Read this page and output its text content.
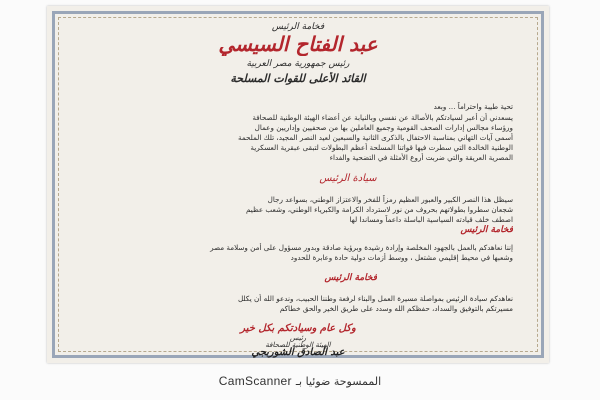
فخامة الرئيس
عبد الفتاح السيسي
رئيس جمهورية مصر العربية
القائد الأعلى للقوات المسلحة
تحية طيبة واحتراماً ... وبعد
يسعدني أن أعبر لسيادتكم بالأصالة عن نفسي وبالنيابة عن أعضاء الهيئة الوطنية للصحافة
ورؤساء مجالس إدارات الصحف القومية وجميع العاملين بها من صحفيين وإداريين وعمال
أسمى آيات التهاني بمناسبة الاحتفال بالذكرى الثانية والسبعين لعيد النصر المجيد، تلك الملحمة
الوطنية الخالدة التي سطرت فيها قواتنا المسلحة أعظم البطولات لتبقى عبقرية العسكرية
المصرية العريقة والتي ضربت أروع الأمثلة في التضحية والفداء
سيادة الرئيس
سيظل هذا النصر الكبير والعبور العظيم رمزاً للفخر والاعتزاز الوطني، بسواعد رجال
شجعان سطروا بطولاتهم بحروف من نور لاسترداد الكرامة والكبرياء الوطني، وشعب عظيم
اصطف خلف قيادته السياسية الباسلة داعماً ومساندا لها
فخامة الرئيس
إننا نعاهدكم بالعمل بالجهود المخلصة وإرادة رشيدة وبرؤية صادقة وبدور مسؤول على أمن وسلامة مصر
وشعبها في محيط إقليمي مشتعل ، ووسط أزمات دولية حادة وعابرة للحدود
فخامة الرئيس
نعاهدكم سيادة الرئيس بمواصلة مسيرة العمل والبناء لرفعة وطننا الحبيب، وندعو الله أن يكلل
مسيرتكم بالتوفيق والسداد، حفظكم الله وسدد على طريق الخير والحق خطاكم
وكل عام وسيادتكم بكل خير
رئيس
الهيئة الوطنية للصحافة
عبد الصادق الشوربجي
CamScanner الممسوحة ضوئيا بـ
